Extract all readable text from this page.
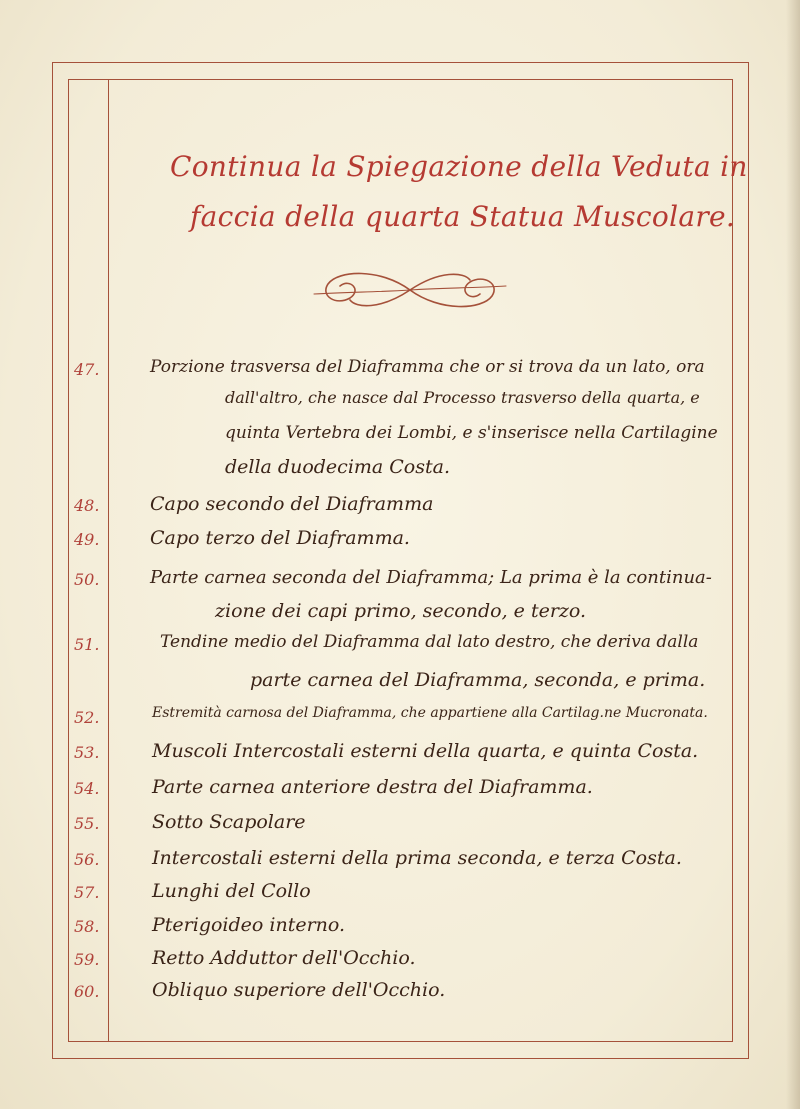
Continua la Spiegazione della Veduta in
faccia della quarta Statua Muscolare.
47.	Porzione trasversa del Diaframma che or si trova da un lato, ora
dall'altro, che nasce dal Processo trasverso della quarta, e
quinta Vertebra dei Lombi, e s'inserisce nella Cartilagine
della duodecima Costa.
48.	Capo secondo del Diaframma
49.	Capo terzo del Diaframma.
50.	Parte carnea seconda del Diaframma; La prima è la continua-
zione dei capi primo, secondo, e terzo.
51.	Tendine medio del Diaframma dal lato destro, che deriva dalla
parte carnea del Diaframma, seconda, e prima.
52.	Estremità carnosa del Diaframma, che appartiene alla Cartilag.ne Mucronata.
53.	Muscoli Intercostali esterni della quarta, e quinta Costa.
54.	Parte carnea anteriore destra del Diaframma.
55.	Sotto Scapolare
56.	Intercostali esterni della prima seconda, e terza Costa.
57.	Lunghi del Collo
58.	Pterigoideo interno.
59.	Retto Adduttor dell'Occhio.
60.	Obliquo superiore dell'Occhio.
